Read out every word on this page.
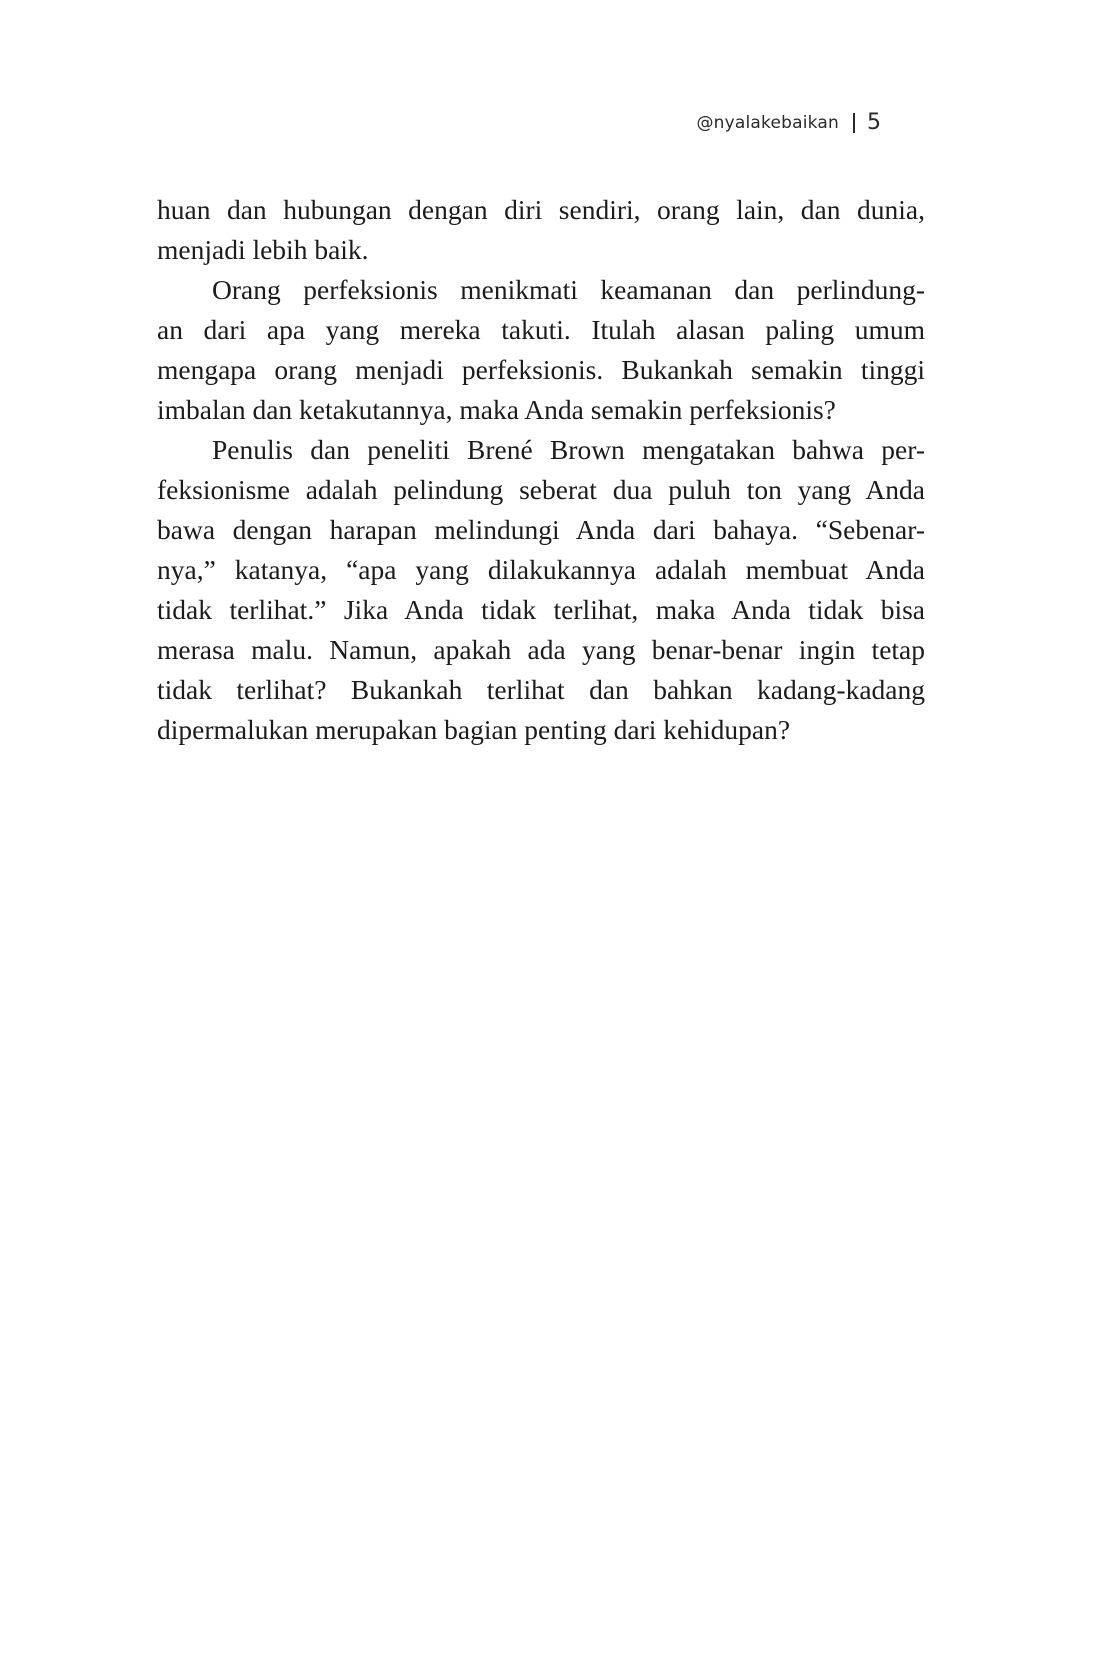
@nyalakebaikan 5

huan dan hubungan dengan diri sendiri, orang lain, dan dunia,
menjadi lebih baik.

Orang perfeksionis menikmati keamanan dan perlindung-
an dari apa yang mereka takuti. Itulah alasan paling umum
mengapa orang menjadi perfeksionis. Bukankah semakin tinggi
imbalan dan ketakutannya, maka Anda semakin perfeksionis?

Penulis dan peneliti Brené Brown mengatakan bahwa per-
feksionisme adalah pelindung seberat dua puluh ton yang Anda
bawa dengan harapan melindungi Anda dari bahaya. “Sebenar-
nya,” katanya, “apa yang dilakukannya adalah membuat Anda
tidak terlihat.” Jika Anda tidak terlihat, maka Anda tidak bisa
merasa malu. Namun, apakah ada yang benar-benar ingin tetap
tidak terlihat? Bukankah terlihat dan bahkan kadang-kadang
dipermalukan merupakan bagian penting dari kehidupan?
